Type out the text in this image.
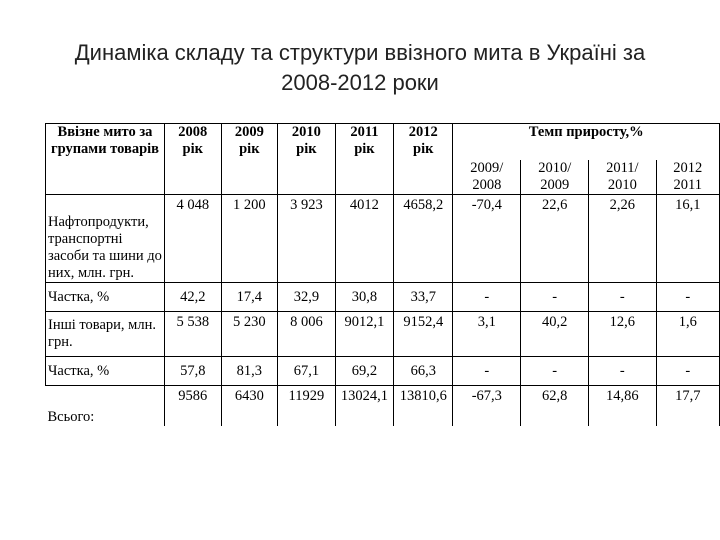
Динаміка складу та структури ввізного мита в Україні за
2008-2012 роки
Ввізне мито за групами товарів	2008 рік	2009 рік	2010 рік	2011 рік	2012 рік	Темп приросту,%			
						2009/ 2008	2010/ 2009	2011/ 2010	2012 2011
Нафтопродукти, транспортні засоби та шини до них, млн. грн.	4 048	1 200	3 923	4012	4658,2	-70,4	22,6	2,26	16,1
Частка, %	42,2	17,4	32,9	30,8	33,7	-	-	-	-
Інші товари, млн. грн.	5 538	5 230	8 006	9012,1	9152,4	3,1	40,2	12,6	1,6
Частка, %	57,8	81,3	67,1	69,2	66,3	-	-	-	-
Всього:	9586	6430	11929	13024,1	13810,6	-67,3	62,8	14,86	17,7
